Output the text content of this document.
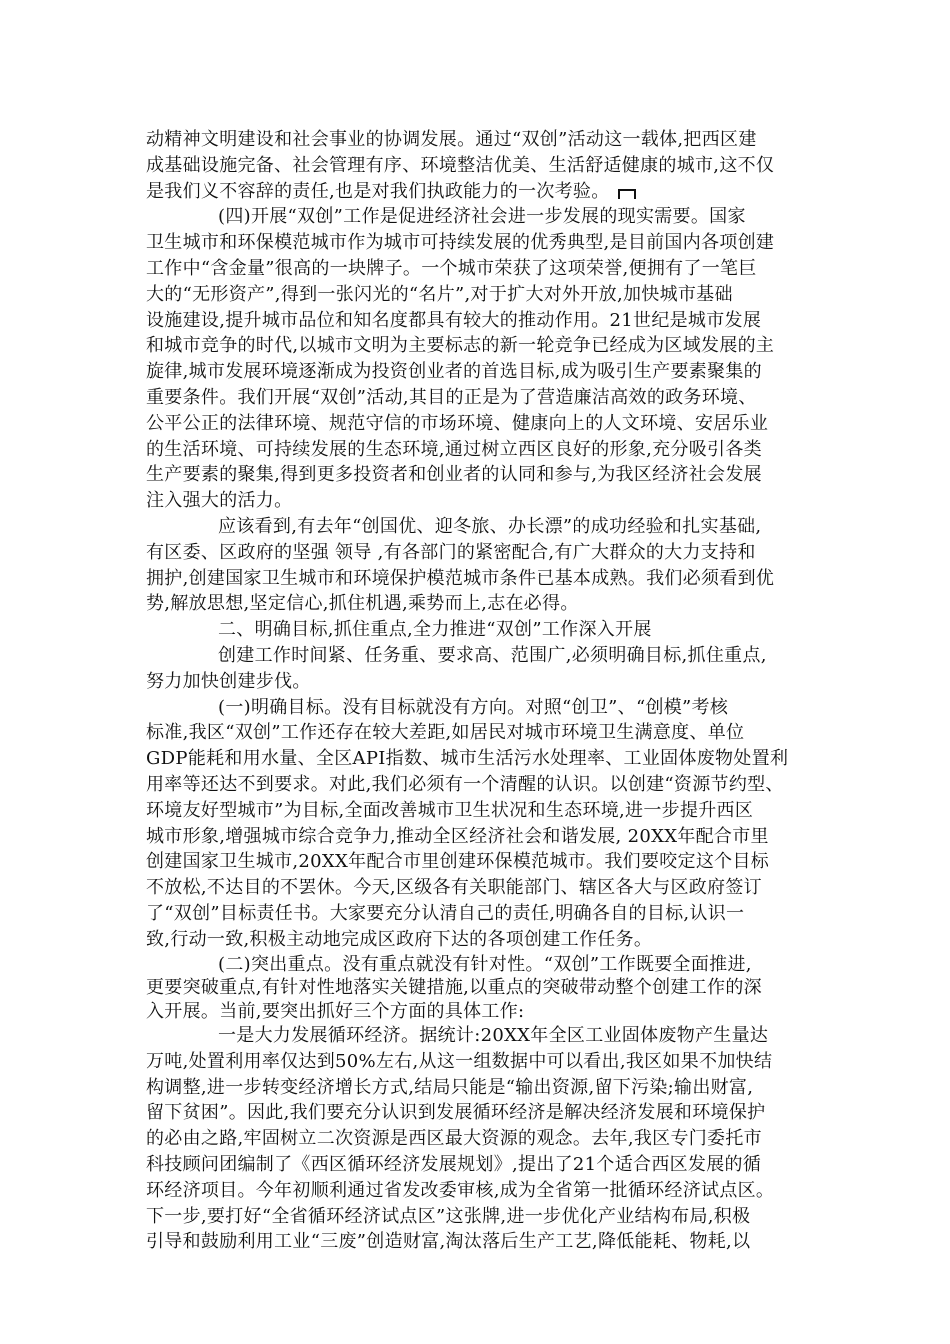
动精神文明建设和社会事业的协调发展。通过“双创”活动这一载体,把西区建
成基础设施完备、社会管理有序、环境整洁优美、生活舒适健康的城市,这不仅
是我们义不容辞的责任,也是对我们执政能力的一次考验。
(四)开展“双创”工作是促进经济社会进一步发展的现实需要。国家
卫生城市和环保模范城市作为城市可持续发展的优秀典型,是目前国内各项创建
工作中“含金量”很高的一块牌子。一个城市荣获了这项荣誉,便拥有了一笔巨
大的“无形资产”,得到一张闪光的“名片”,对于扩大对外开放,加快城市基础
设施建设,提升城市品位和知名度都具有较大的推动作用。21世纪是城市发展
和城市竞争的时代,以城市文明为主要标志的新一轮竞争已经成为区域发展的主
旋律,城市发展环境逐渐成为投资创业者的首选目标,成为吸引生产要素聚集的
重要条件。我们开展“双创”活动,其目的正是为了营造廉洁高效的政务环境、
公平公正的法律环境、规范守信的市场环境、健康向上的人文环境、安居乐业
的生活环境、可持续发展的生态环境,通过树立西区良好的形象,充分吸引各类
生产要素的聚集,得到更多投资者和创业者的认同和参与,为我区经济社会发展
注入强大的活力。
应该看到,有去年“创国优、迎冬旅、办长漂”的成功经验和扎实基础,
有区委、区政府的坚强 领导 ,有各部门的紧密配合,有广大群众的大力支持和
拥护,创建国家卫生城市和环境保护模范城市条件已基本成熟。我们必须看到优
势,解放思想,坚定信心,抓住机遇,乘势而上,志在必得。
二、明确目标,抓住重点,全力推进“双创”工作深入开展
创建工作时间紧、任务重、要求高、范围广,必须明确目标,抓住重点,
努力加快创建步伐。
(一)明确目标。没有目标就没有方向。对照“创卫”、“创模”考核
标准,我区“双创”工作还存在较大差距,如居民对城市环境卫生满意度、单位
GDP能耗和用水量、全区API指数、城市生活污水处理率、工业固体废物处置利
用率等还达不到要求。对此,我们必须有一个清醒的认识。以创建“资源节约型、
环境友好型城市”为目标,全面改善城市卫生状况和生态环境,进一步提升西区
城市形象,增强城市综合竞争力,推动全区经济社会和谐发展, 20XX年配合市里
创建国家卫生城市,20XX年配合市里创建环保模范城市。我们要咬定这个目标
不放松,不达目的不罢休。今天,区级各有关职能部门、辖区各大与区政府签订
了“双创”目标责任书。大家要充分认清自己的责任,明确各自的目标,认识一
致,行动一致,积极主动地完成区政府下达的各项创建工作任务。
(二)突出重点。没有重点就没有针对性。“双创”工作既要全面推进,
更要突破重点,有针对性地落实关键措施,以重点的突破带动整个创建工作的深
入开展。当前,要突出抓好三个方面的具体工作:
一是大力发展循环经济。据统计:20XX年全区工业固体废物产生量达
万吨,处置利用率仅达到50%左右,从这一组数据中可以看出,我区如果不加快结
构调整,进一步转变经济增长方式,结局只能是“输出资源,留下污染;输出财富,
留下贫困”。因此,我们要充分认识到发展循环经济是解决经济发展和环境保护
的必由之路,牢固树立二次资源是西区最大资源的观念。去年,我区专门委托市
科技顾问团编制了《西区循环经济发展规划》,提出了21个适合西区发展的循
环经济项目。今年初顺利通过省发改委审核,成为全省第一批循环经济试点区。
下一步,要打好“全省循环经济试点区”这张牌,进一步优化产业结构布局,积极
引导和鼓励利用工业“三废”创造财富,淘汰落后生产工艺,降低能耗、物耗,以
